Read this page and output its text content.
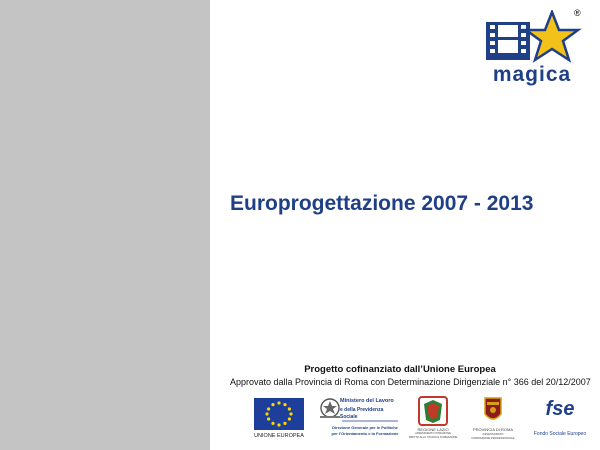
®
magica
Europrogettazione 2007 - 2013
Progetto cofinanziato dall’Unione Europea
Approvato dalla Provincia di Roma con Determinazione Dirigenziale n° 366 del 20/12/2007
UNIONE EUROPEA
Ministero del Lavoro
e della Previdenza Sociale
Direzione Generale per le Politiche
per l’Orientamento e la Formazione
REGIONE LAZIO
ASSESSORATO ISTRUZIONE
DIRITTO ALLO STUDIO E FORMAZIONE
PROVINCIA DI ROMA
ASSESSORATO
FORMAZIONE PROFESSIONALE
fse
Fondo Sociale Europeo
